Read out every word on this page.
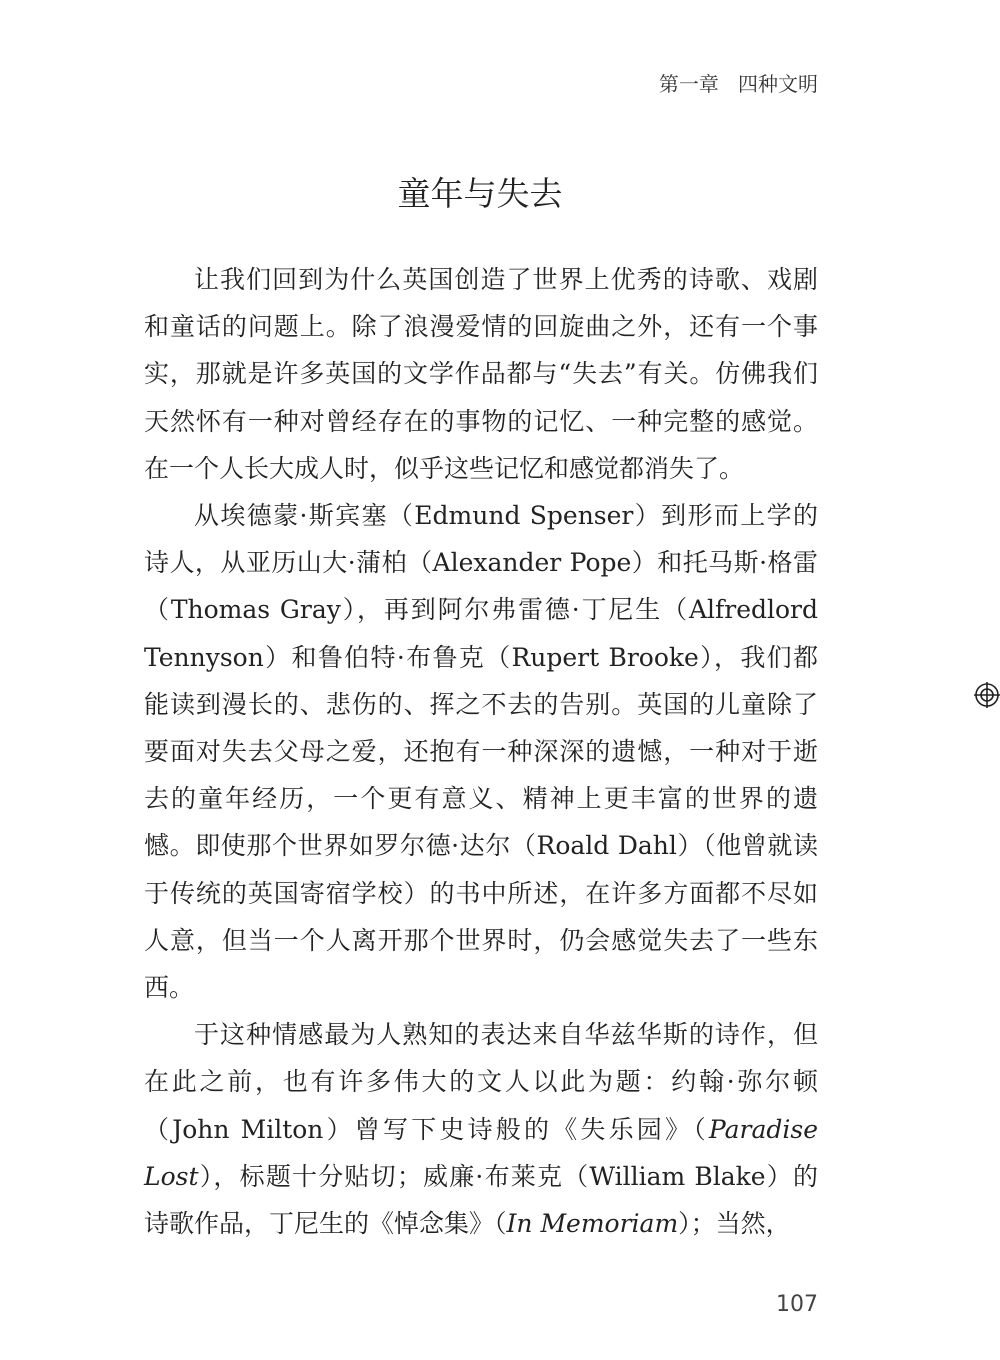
第一章   四种文明
童年与失去

让我们回到为什么英国创造了世界上优秀的诗歌、戏剧和童话的问题上。除了浪漫爱情的回旋曲之外，还有一个事实，那就是许多英国的文学作品都与“失去”有关。仿佛我们天然怀有一种对曾经存在的事物的记忆、一种完整的感觉。在一个人长大成人时，似乎这些记忆和感觉都消失了。

从埃德蒙·斯宾塞（Edmund Spenser）到形而上学的诗人，从亚历山大·蒲柏（Alexander Pope）和托马斯·格雷（Thomas Gray），再到阿尔弗雷德·丁尼生（Alfredlord Tennyson）和鲁伯特·布鲁克（Rupert Brooke），我们都能读到漫长的、悲伤的、挥之不去的告别。英国的儿童除了要面对失去父母之爱，还抱有一种深深的遗憾，一种对于逝去的童年经历，一个更有意义、精神上更丰富的世界的遗憾。即使那个世界如罗尔德·达尔（Roald Dahl）（他曾就读于传统的英国寄宿学校）的书中所述，在许多方面都不尽如人意，但当一个人离开那个世界时，仍会感觉失去了一些东西。

于这种情感最为人熟知的表达来自华兹华斯的诗作，但在此之前，也有许多伟大的文人以此为题：约翰·弥尔顿（John Milton）曾写下史诗般的《失乐园》（Paradise Lost），标题十分贴切；威廉·布莱克（William Blake）的诗歌作品，丁尼生的《悼念集》（In Memoriam）；当然，

107
